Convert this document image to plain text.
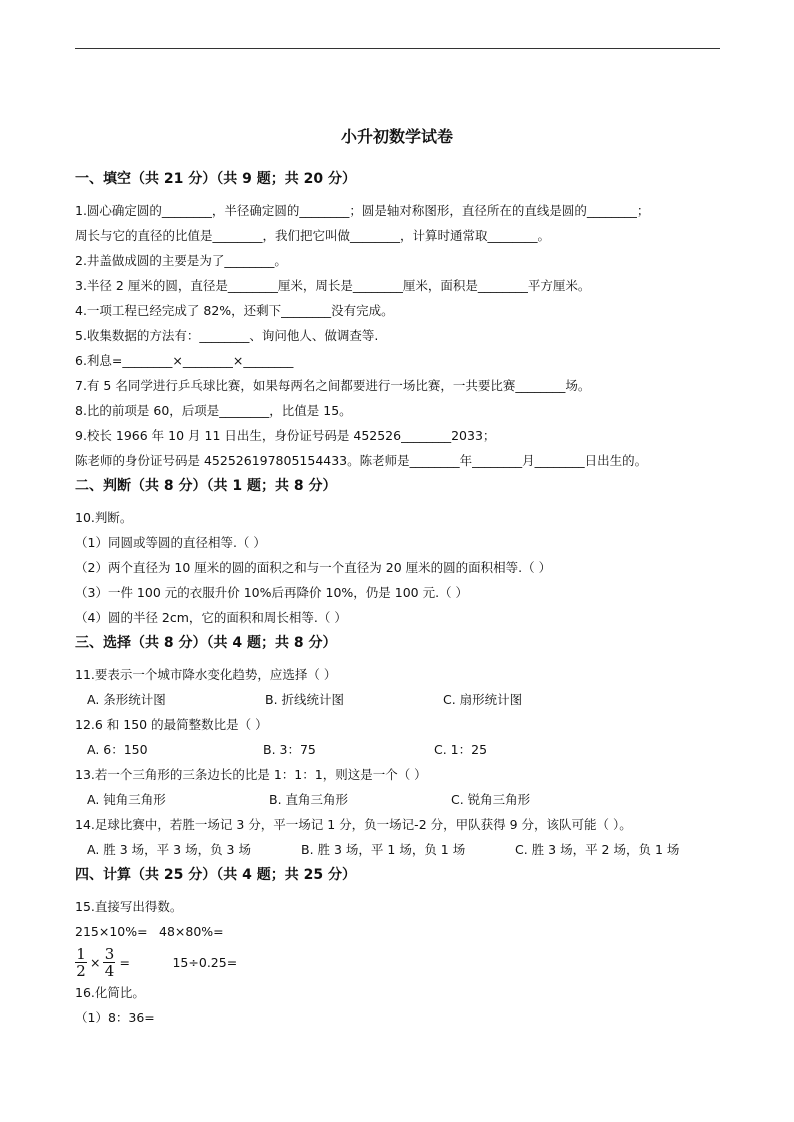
小升初数学试卷
一、填空（共 21 分）（共 9 题；共 20 分）
1.圆心确定圆的________，半径确定圆的________；圆是轴对称图形，直径所在的直线是圆的________；
周长与它的直径的比值是________，我们把它叫做________，计算时通常取________。
2.井盖做成圆的主要是为了________。
3.半径 2 厘米的圆，直径是________厘米，周长是________厘米，面积是________平方厘米。
4.一项工程已经完成了 82%，还剩下________没有完成。
5.收集数据的方法有：________、询问他人、做调查等.
6.利息=________×________×________
7.有 5 名同学进行乒乓球比赛，如果每两名之间都要进行一场比赛，一共要比赛________场。
8.比的前项是 60，后项是________，比值是 15。
9.校长 1966 年 10 月 11 日出生，身份证号码是 452526________2033；
陈老师的身份证号码是 452526197805154433。陈老师是________年________月________日出生的。
二、判断（共 8 分）（共 1 题；共 8 分）
10.判断。
（1）同圆或等圆的直径相等.（ ）
（2）两个直径为 10 厘米的圆的面积之和与一个直径为 20 厘米的圆的面积相等.（ ）
（3）一件 100 元的衣服升价 10%后再降价 10%，仍是 100 元.（ ）
（4）圆的半径 2cm，它的面积和周长相等.（ ）
三、选择（共 8 分）（共 4 题；共 8 分）
11.要表示一个城市降水变化趋势，应选择（ ）
A. 条形统计图	B. 折线统计图	C. 扇形统计图
12.6 和 150 的最简整数比是（ ）
A. 6：150	B. 3：75	C. 1：25
13.若一个三角形的三条边长的比是 1：1：1，则这是一个（ ）
A. 钝角三角形	B. 直角三角形	C. 锐角三角形
14.足球比赛中，若胜一场记 3 分，平一场记 1 分，负一场记-2 分，甲队获得 9 分，该队可能（ ）。
A. 胜 3 场，平 3 场，负 3 场	B. 胜 3 场，平 1 场，负 1 场	C. 胜 3 场，平 2 场，负 1 场
四、计算（共 25 分）（共 4 题；共 25 分）
15.直接写出得数。
215×10%= 48×80%=
$\frac{1}{2} \times \frac{3}{4}$ =	15÷0.25=
16.化简比。
（1）8：36=
